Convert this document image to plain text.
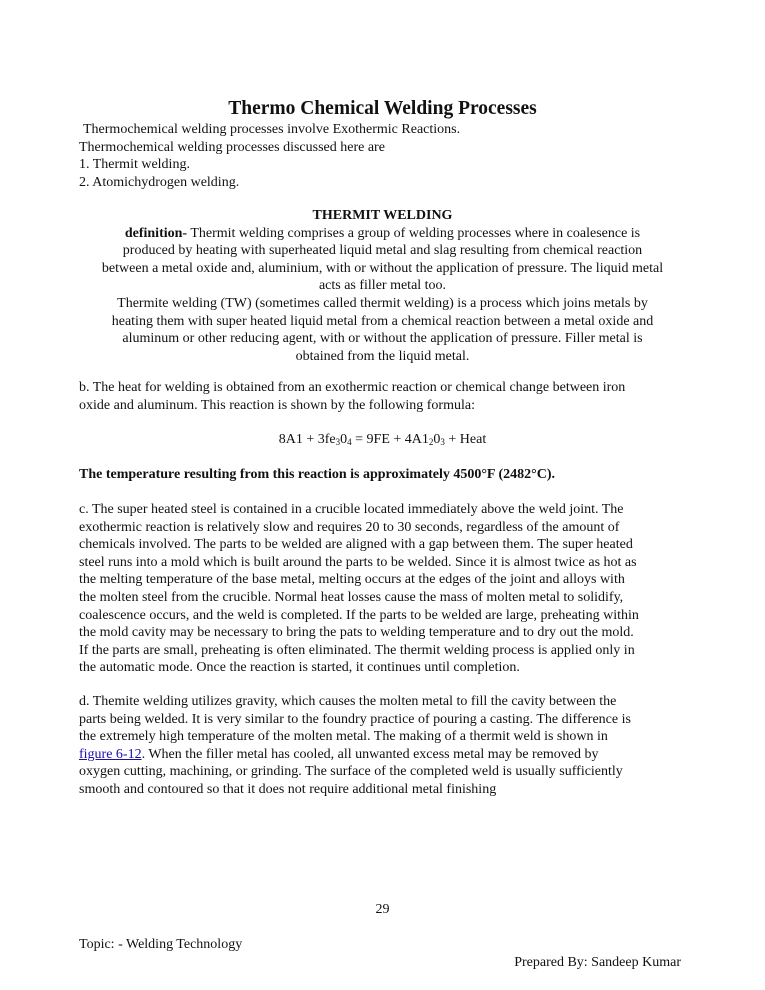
Thermo Chemical Welding Processes
Thermochemical welding processes involve Exothermic Reactions.
Thermochemical welding processes discussed here are
1. Thermit welding.
2. Atomichydrogen welding.
THERMIT WELDING
definition- Thermit welding comprises a group of welding processes where in coalesence is
produced by heating with superheated liquid metal and slag resulting from chemical reaction
between a metal oxide and, aluminium, with or without the application of pressure. The liquid metal
acts as filler metal too.
Thermite welding (TW) (sometimes called thermit welding) is a process which joins metals by
heating them with super heated liquid metal from a chemical reaction between a metal oxide and
aluminum or other reducing agent, with or without the application of pressure. Filler metal is
obtained from the liquid metal.
b. The heat for welding is obtained from an exothermic reaction or chemical change between iron
oxide and aluminum. This reaction is shown by the following formula:
$8A1 + 3fe_30_4 = 9FE + 4A1_20_3$ + Heat
The temperature resulting from this reaction is approximately 4500°F (2482°C).
c. The super heated steel is contained in a crucible located immediately above the weld joint. The
exothermic reaction is relatively slow and requires 20 to 30 seconds, regardless of the amount of
chemicals involved. The parts to be welded are aligned with a gap between them. The super heated
steel runs into a mold which is built around the parts to be welded. Since it is almost twice as hot as
the melting temperature of the base metal, melting occurs at the edges of the joint and alloys with
the molten steel from the crucible. Normal heat losses cause the mass of molten metal to solidify,
coalescence occurs, and the weld is completed. If the parts to be welded are large, preheating within
the mold cavity may be necessary to bring the pats to welding temperature and to dry out the mold.
If the parts are small, preheating is often eliminated. The thermit welding process is applied only in
the automatic mode. Once the reaction is started, it continues until completion.
d. Themite welding utilizes gravity, which causes the molten metal to fill the cavity between the
parts being welded. It is very similar to the foundry practice of pouring a casting. The difference is
the extremely high temperature of the molten metal. The making of a thermit weld is shown in
figure 6-12. When the filler metal has cooled, all unwanted excess metal may be removed by
oxygen cutting, machining, or grinding. The surface of the completed weld is usually sufficiently
smooth and contoured so that it does not require additional metal finishing
29
Topic: - Welding Technology
Prepared By: Sandeep Kumar
